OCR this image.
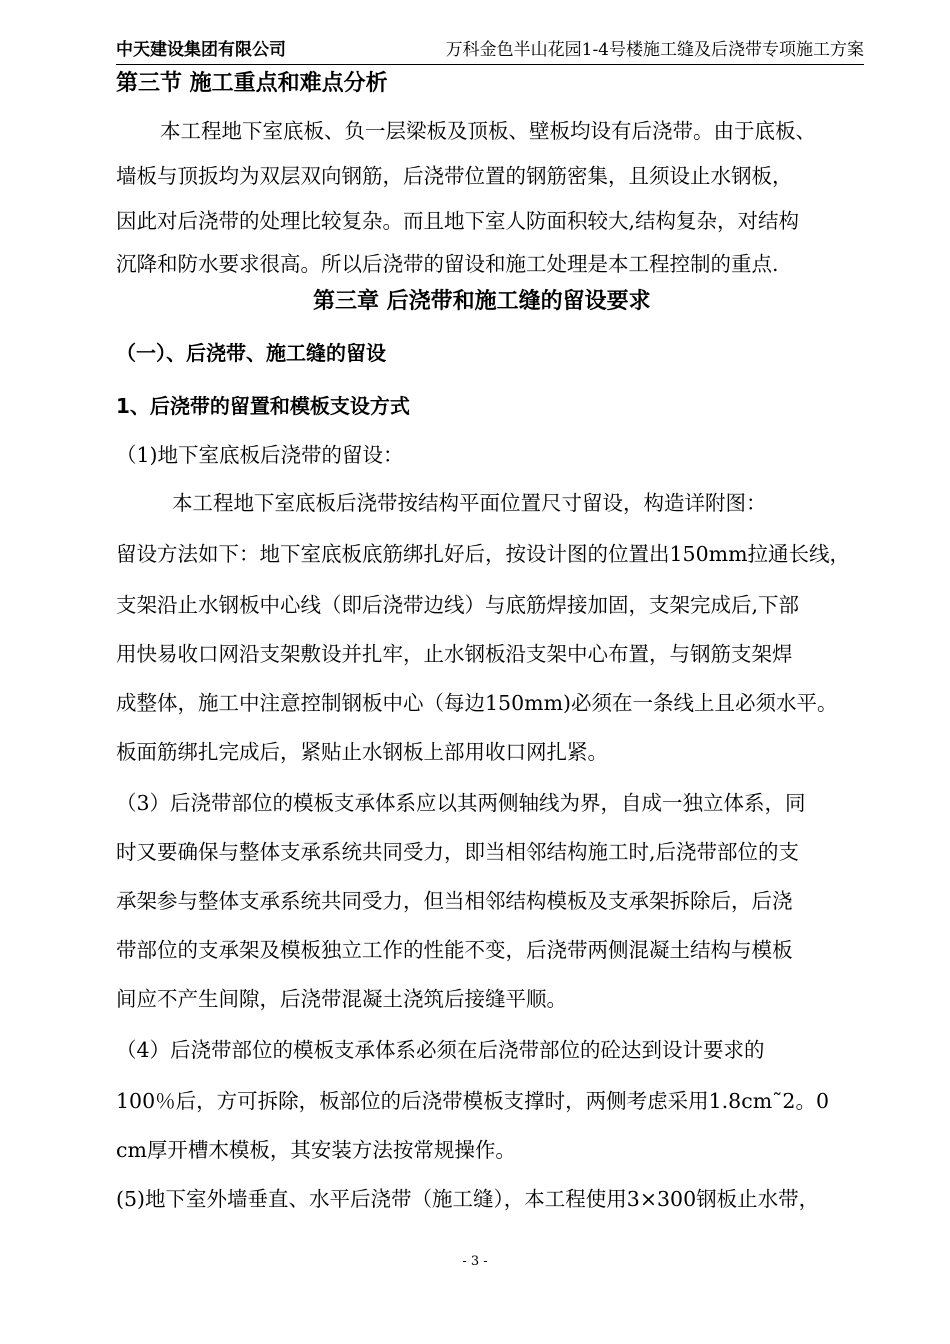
中天建设集团有限公司	万科金色半山花园1-4号楼施工缝及后浇带专项施工方案
第三节 施工重点和难点分析
本工程地下室底板、负一层梁板及顶板、壁板均设有后浇带。由于底板、
墙板与顶扳均为双层双向钢筋，后浇带位置的钢筋密集，且须设止水钢板，
因此对后浇带的处理比较复杂。而且地下室人防面积较大,结构复杂，对结构
沉降和防水要求很高。所以后浇带的留设和施工处理是本工程控制的重点.
第三章 后浇带和施工缝的留设要求
（一）、后浇带、施工缝的留设
1、后浇带的留置和模板支设方式
（1)地下室底板后浇带的留设：
本工程地下室底板后浇带按结构平面位置尺寸留设，构造详附图：
留设方法如下：地下室底板底筋绑扎好后，按设计图的位置出150mm拉通长线，
支架沿止水钢板中心线（即后浇带边线）与底筋焊接加固，支架完成后,下部
用快易收口网沿支架敷设并扎牢，止水钢板沿支架中心布置，与钢筋支架焊
成整体，施工中注意控制钢板中心（每边150mm)必须在一条线上且必须水平。
板面筋绑扎完成后，紧贴止水钢板上部用收口网扎紧。
（3）后浇带部位的模板支承体系应以其两侧轴线为界，自成一独立体系，同
时又要确保与整体支承系统共同受力，即当相邻结构施工时,后浇带部位的支
承架参与整体支承系统共同受力，但当相邻结构模板及支承架拆除后，后浇
带部位的支承架及模板独立工作的性能不变，后浇带两侧混凝土结构与模板
间应不产生间隙，后浇带混凝土浇筑后接缝平顺。
（4）后浇带部位的模板支承体系必须在后浇带部位的砼达到设计要求的
100％后，方可拆除，板部位的后浇带模板支撑时，两侧考虑采用1.8cm˜2。0
cm厚开槽木模板，其安装方法按常规操作。
(5)地下室外墙垂直、水平后浇带（施工缝），本工程使用3×300钢板止水带，
- 3 -
